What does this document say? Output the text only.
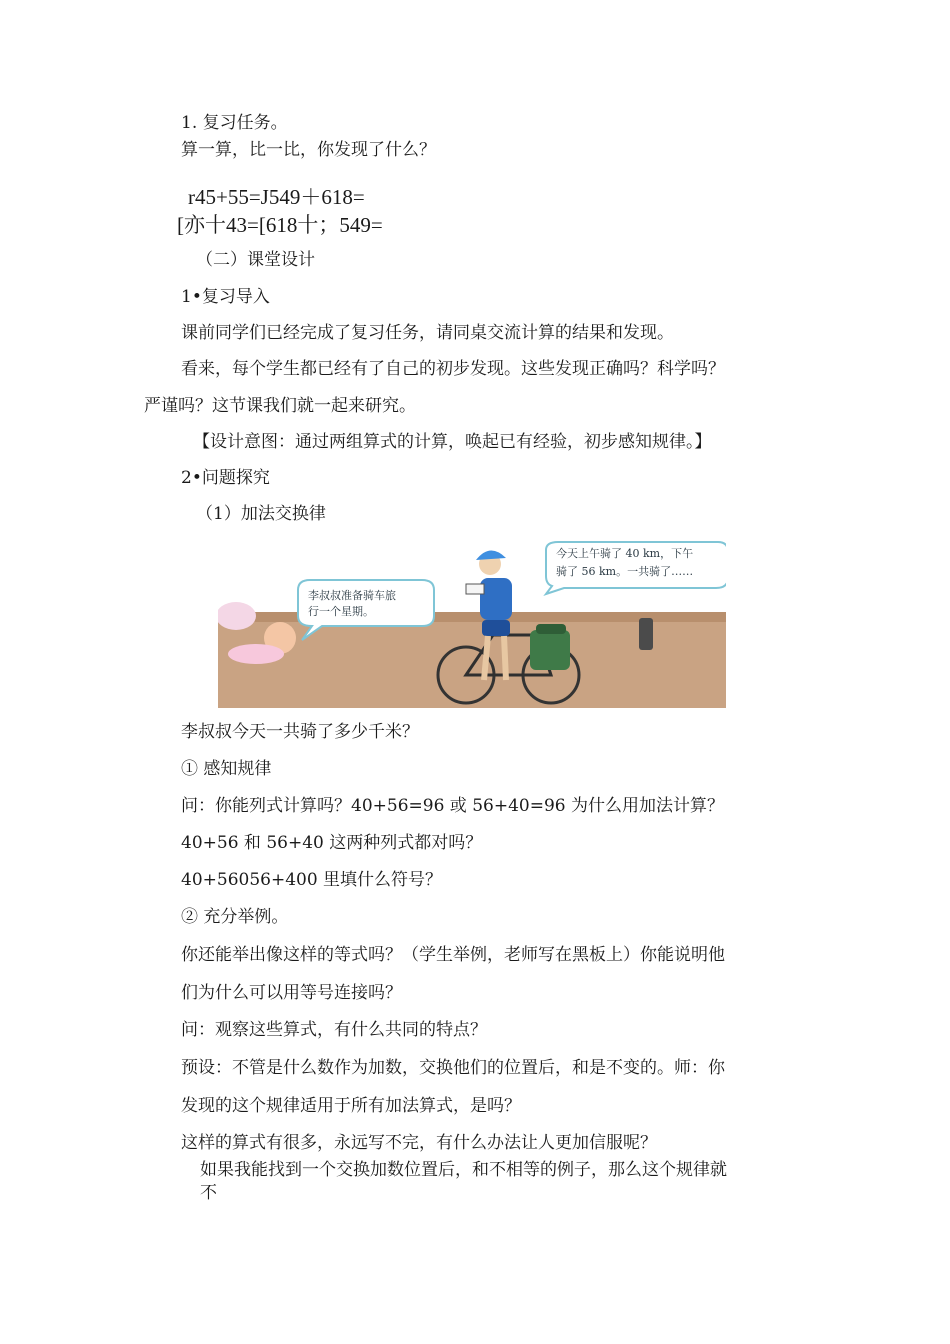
1. 复习任务。
算一算，比一比，你发现了什么？
r45+55=J549＋618=
[亦十43=[618十；549=
（二）课堂设计
1•复习导入
课前同学们已经完成了复习任务，请同桌交流计算的结果和发现。
看来，每个学生都已经有了自己的初步发现。这些发现正确吗？科学吗？
严谨吗？这节课我们就一起来研究。
【设计意图：通过两组算式的计算，唤起已有经验，初步感知规律。】
2•问题探究
（1）加法交换律
李叔叔准备骑车旅
行一个星期。
今天上午骑了 40 km，下午
骑了 56 km。一共骑了……
李叔叔今天一共骑了多少千米？
① 感知规律
问：你能列式计算吗？40+56=96 或 56+40=96 为什么用加法计算？
40+56 和 56+40 这两种列式都对吗？
40+56056+400 里填什么符号？
② 充分举例。
你还能举出像这样的等式吗？（学生举例，老师写在黑板上）你能说明他
们为什么可以用等号连接吗？
问：观察这些算式，有什么共同的特点？
预设：不管是什么数作为加数，交换他们的位置后，和是不变的。师：你
发现的这个规律适用于所有加法算式，是吗？
这样的算式有很多，永远写不完，有什么办法让人更加信服呢？
如果我能找到一个交换加数位置后，和不相等的例子，那么这个规律就
不
